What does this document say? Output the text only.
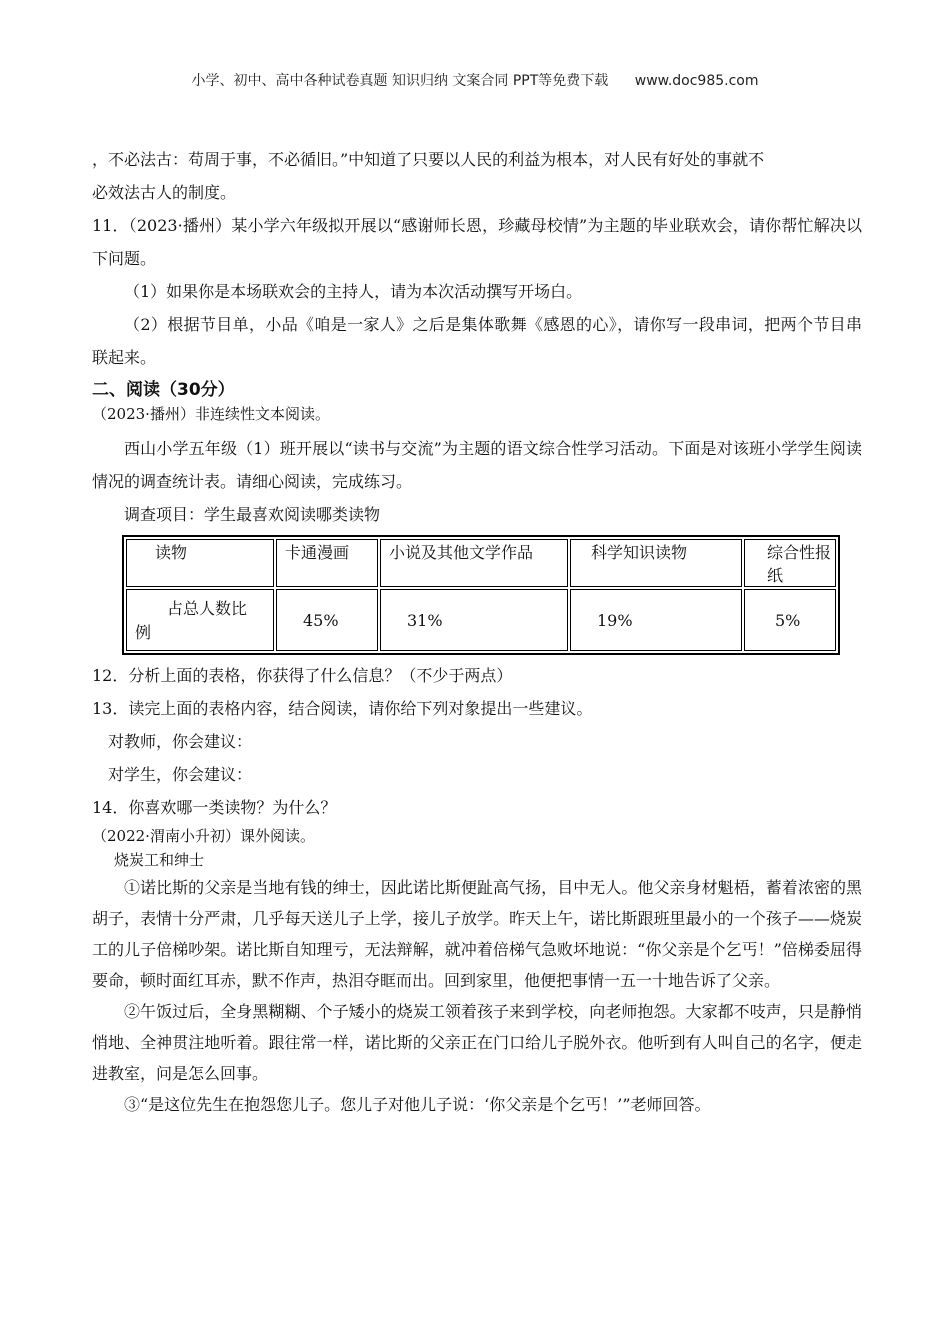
小学、初中、高中各种试卷真题 知识归纳 文案合同 PPT等免费下载 www.doc985.com

，不必法古：苟周于事，不必循旧。”中知道了只要以人民的利益为根本，对人民有好处的事就不

必效法古人的制度。

11．（2023·播州）某小学六年级拟开展以“感谢师长恩，珍藏母校情”为主题的毕业联欢会，请你帮忙解决以下问题。

（1）如果你是本场联欢会的主持人，请为本次活动撰写开场白。

（2）根据节目单，小品《咱是一家人》之后是集体歌舞《感恩的心》，请你写一段串词，把两个节目串联起来。

二、阅读（30分）

（2023·播州）非连续性文本阅读。

西山小学五年级（1）班开展以“读书与交流”为主题的语文综合性学习活动。下面是对该班小学学生阅读情况的调查统计表。请细心阅读，完成练习。

调查项目：学生最喜欢阅读哪类读物

读物	卡通漫画	小说及其他文学作品	科学知识读物	综合性报纸

占总人数比
例	45%	31%	19%	5%

12．分析上面的表格，你获得了什么信息？（不少于两点）

13．读完上面的表格内容，结合阅读，请你给下列对象提出一些建议。

对教师，你会建议：

对学生，你会建议：

14．你喜欢哪一类读物？为什么？

（2022·渭南小升初）课外阅读。

烧炭工和绅士

①诺比斯的父亲是当地有钱的绅士，因此诺比斯便趾高气扬，目中无人。他父亲身材魁梧，蓄着浓密的黑胡子，表情十分严肃，几乎每天送儿子上学，接儿子放学。昨天上午，诺比斯跟班里最小的一个孩子——烧炭工的儿子倍梯吵架。诺比斯自知理亏，无法辩解，就冲着倍梯气急败坏地说：“你父亲是个乞丐！”倍梯委屈得要命，顿时面红耳赤，默不作声，热泪夺眶而出。回到家里，他便把事情一五一十地告诉了父亲。

②午饭过后，全身黑糊糊、个子矮小的烧炭工领着孩子来到学校，向老师抱怨。大家都不吱声，只是静悄悄地、全神贯注地听着。跟往常一样，诺比斯的父亲正在门口给儿子脱外衣。他听到有人叫自己的名字，便走进教室，问是怎么回事。

③“是这位先生在抱怨您儿子。您儿子对他儿子说：‘你父亲是个乞丐！’”老师回答。
